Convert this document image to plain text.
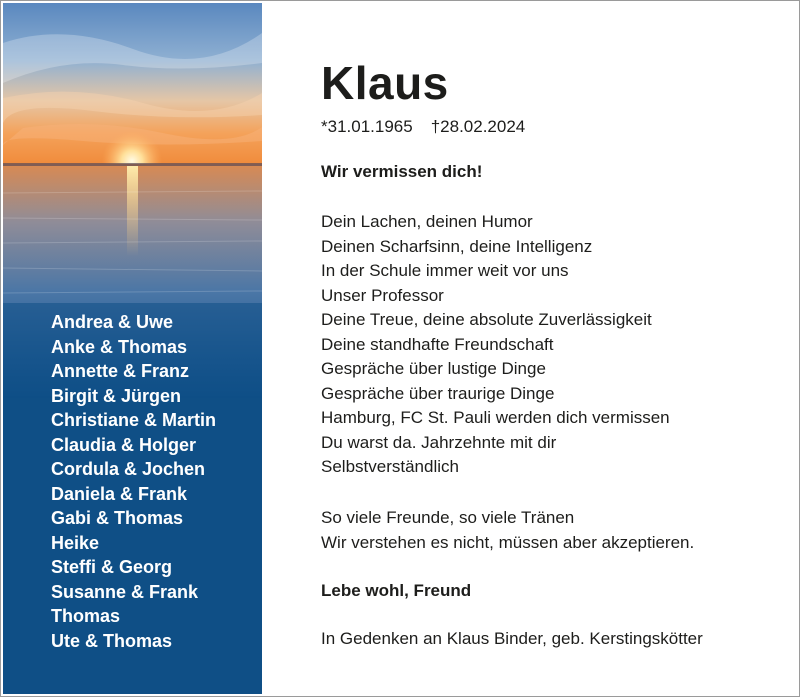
Andrea & Uwe
Anke & Thomas
Annette & Franz
Birgit & Jürgen
Christiane & Martin
Claudia & Holger
Cordula & Jochen
Daniela & Frank
Gabi & Thomas
Heike
Steffi & Georg
Susanne & Frank
Thomas
Ute & Thomas
Klaus
*31.01.1965 †28.02.2024
Wir vermissen dich!
Dein Lachen, deinen Humor
Deinen Scharfsinn, deine Intelligenz
In der Schule immer weit vor uns
Unser Professor
Deine Treue, deine absolute Zuverlässigkeit
Deine standhafte Freundschaft
Gespräche über lustige Dinge
Gespräche über traurige Dinge
Hamburg, FC St. Pauli werden dich vermissen
Du warst da. Jahrzehnte mit dir
Selbstverständlich
So viele Freunde, so viele Tränen
Wir verstehen es nicht, müssen aber akzeptieren.
Lebe wohl, Freund
In Gedenken an Klaus Binder, geb. Kerstingskötter
